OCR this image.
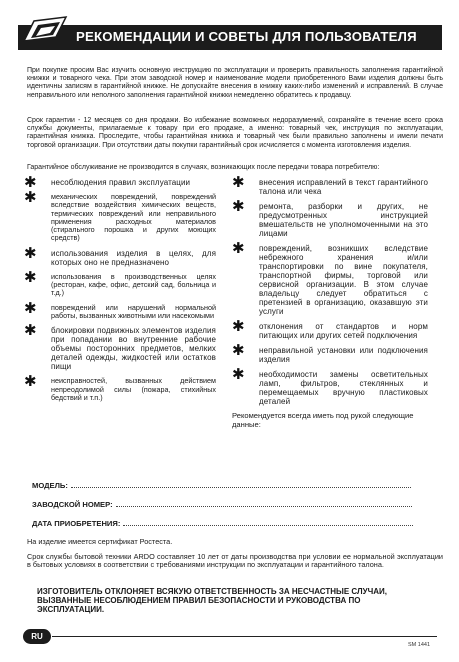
РЕКОМЕНДАЦИИ И СОВЕТЫ ДЛЯ ПОЛЬЗОВАТЕЛЯ
При покупке просим Вас изучить основную инструкцию по эксплуатации и проверить правильность заполнения гарантийной книжки и товарного чека. При этом заводской номер и наименование модели приобретенного Вами изделия должны быть идентичны записям в гарантийной книжке. Не допускайте внесения в книжку каких-либо изменений и исправлений. В случае неправильного или неполного заполнения гарантийной книжки немедленно обратитесь к продавцу.
Срок гарантии - 12 месяцев со дня продажи. Во избежание возможных недоразумений, сохраняйте в течение всего срока службы документы, прилагаемые к товару при его продаже, а именно: товарный чек, инструкция по эксплуатации, гарантийная книжка. Проследите, чтобы гарантийная книжка и товарный чек были правильно заполнены и имели печати торговой организации. При отсутствии даты покупки гарантийный срок исчисляется с момента изготовления изделия.
Гарантийное обслуживание не производится в случаях, возникающих после передачи товара потребителю:
✱ несоблюдения правил эксплуатации
✱ механических повреждений, повреждений вследствие воздействия химических веществ, термических повреждений или неправильного применения расходных материалов (стирального порошка и других моющих средств)
✱ использования изделия в целях, для которых оно не предназначено
✱ использования в производственных целях (ресторан, кафе, офис, детский сад, больница и т.д.)
✱ повреждений или нарушений нормальной работы, вызванных животными или насекомыми
✱ блокировки подвижных элементов изделия при попадании во внутренние рабочие объемы посторонних предметов, мелких деталей одежды, жидкостей или остатков пищи
✱ неисправностей, вызванных действием непреодолимой силы (пожара, стихийных бедствий и т.п.)
✱ внесения исправлений в текст гарантийного талона или чека
✱ ремонта, разборки и других, не предусмотренных инструкцией вмешательств не уполномоченными на это лицами
✱ повреждений, возникших вследствие небрежного хранения и/или транспортировки по вине покупателя, транспортной фирмы, торговой или сервисной организации. В этом случае владельцу следует обратиться с претензией в организацию, оказавшую эти услуги
✱ отклонения от стандартов и норм питающих или других сетей подключения
✱ неправильной установки или подключения изделия
✱ необходимости замены осветительных ламп, фильтров, стеклянных и перемещаемых вручную пластиковых деталей
Рекомендуется всегда иметь под рукой следующие данные:
МОДЕЛЬ:
ЗАВОДСКОЙ НОМЕР:
ДАТА ПРИОБРЕТЕНИЯ:
На изделие имеется сертификат Ростеста.
Срок службы бытовой техники ARDO составляет 10 лет от даты производства при условии ее нормальной эксплуатации в бытовых условиях в соответствии с требованиями инструкции по эксплуатации и гарантийного талона.
ИЗГОТОВИТЕЛЬ ОТКЛОНЯЕТ ВСЯКУЮ ОТВЕТСТВЕННОСТЬ ЗА НЕСЧАСТНЫЕ СЛУЧАИ, ВЫЗВАННЫЕ НЕСОБЛЮДЕНИЕМ ПРАВИЛ БЕЗОПАСНОСТИ И РУКОВОДСТВА ПО ЭКСПЛУАТАЦИИ.
RU
SM 1441
